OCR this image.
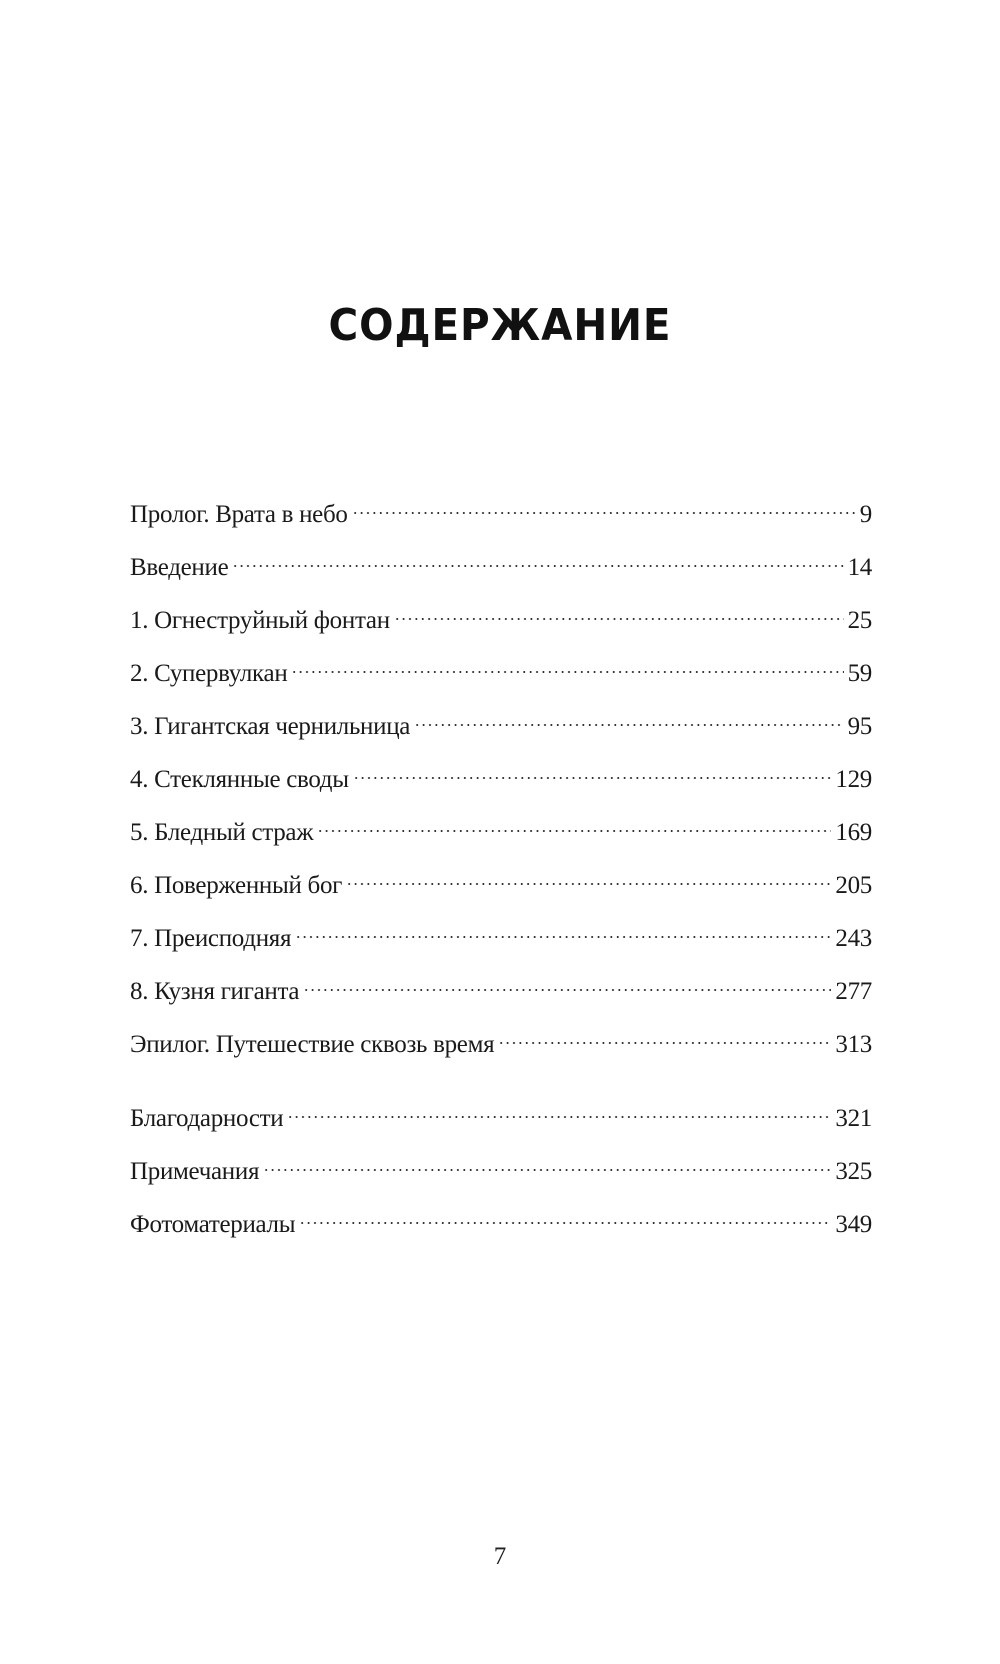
СОДЕРЖАНИЕ
Пролог. Врата в небо	9
Введение	14
1. Огнеструйный фонтан	25
2. Супервулкан	59
3. Гигантская чернильница	95
4. Стеклянные своды	129
5. Бледный страж	169
6. Поверженный бог	205
7. Преисподняя	243
8. Кузня гиганта	277
Эпилог. Путешествие сквозь время	313
Благодарности	321
Примечания	325
Фотоматериалы	349
7
